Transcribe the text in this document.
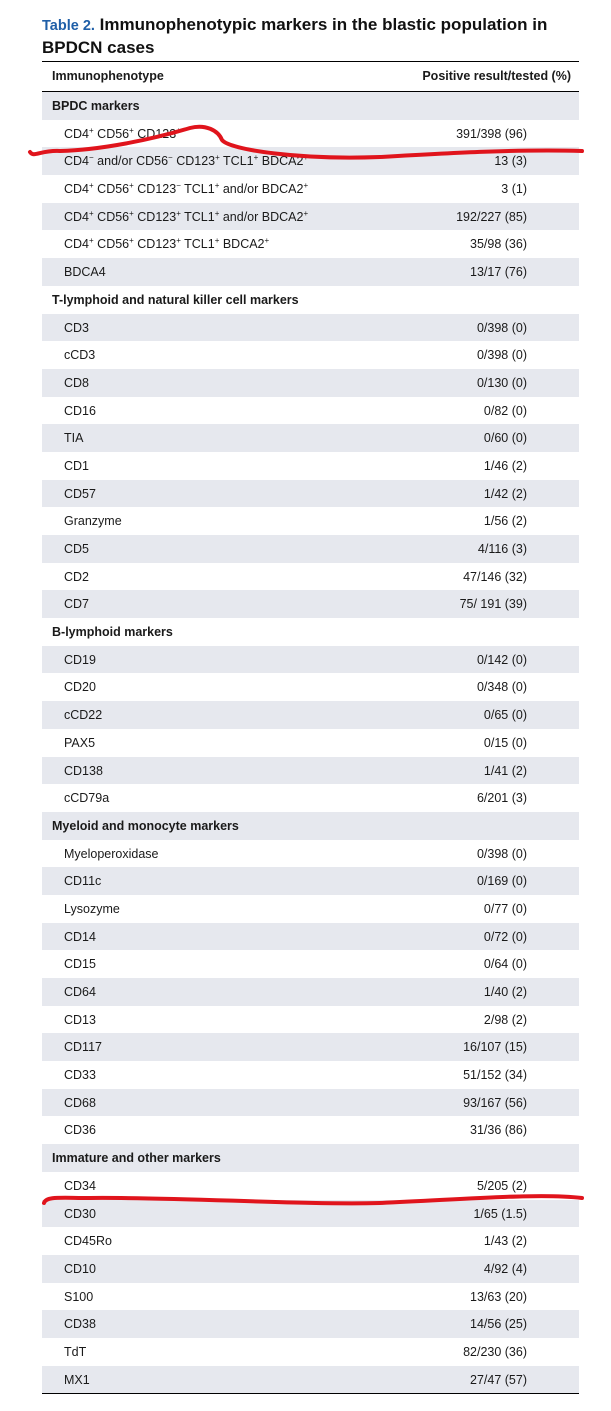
Table 2. Immunophenotypic markers in the blastic population in BPDCN cases
Immunophenotype	Positive result/tested (%)
BPDC markers
CD4+ CD56+ CD123+	391/398 (96)
CD4− and/or CD56− CD123+ TCL1+ BDCA2+	13 (3)
CD4+ CD56+ CD123− TCL1+ and/or BDCA2+	3 (1)
CD4+ CD56+ CD123+ TCL1+ and/or BDCA2+	192/227 (85)
CD4+ CD56+ CD123+ TCL1+ BDCA2+	35/98 (36)
BDCA4	13/17 (76)
T-lymphoid and natural killer cell markers
CD3	0/398 (0)
cCD3	0/398 (0)
CD8	0/130 (0)
CD16	0/82 (0)
TIA	0/60 (0)
CD1	1/46 (2)
CD57	1/42 (2)
Granzyme	1/56 (2)
CD5	4/116 (3)
CD2	47/146 (32)
CD7	75/ 191 (39)
B-lymphoid markers
CD19	0/142 (0)
CD20	0/348 (0)
cCD22	0/65 (0)
PAX5	0/15 (0)
CD138	1/41 (2)
cCD79a	6/201 (3)
Myeloid and monocyte markers
Myeloperoxidase	0/398 (0)
CD11c	0/169 (0)
Lysozyme	0/77 (0)
CD14	0/72 (0)
CD15	0/64 (0)
CD64	1/40 (2)
CD13	2/98 (2)
CD117	16/107 (15)
CD33	51/152 (34)
CD68	93/167 (56)
CD36	31/36 (86)
Immature and other markers
CD34	5/205 (2)
CD30	1/65 (1.5)
CD45Ro	1/43 (2)
CD10	4/92 (4)
S100	13/63 (20)
CD38	14/56 (25)
TdT	82/230 (36)
MX1	27/47 (57)
